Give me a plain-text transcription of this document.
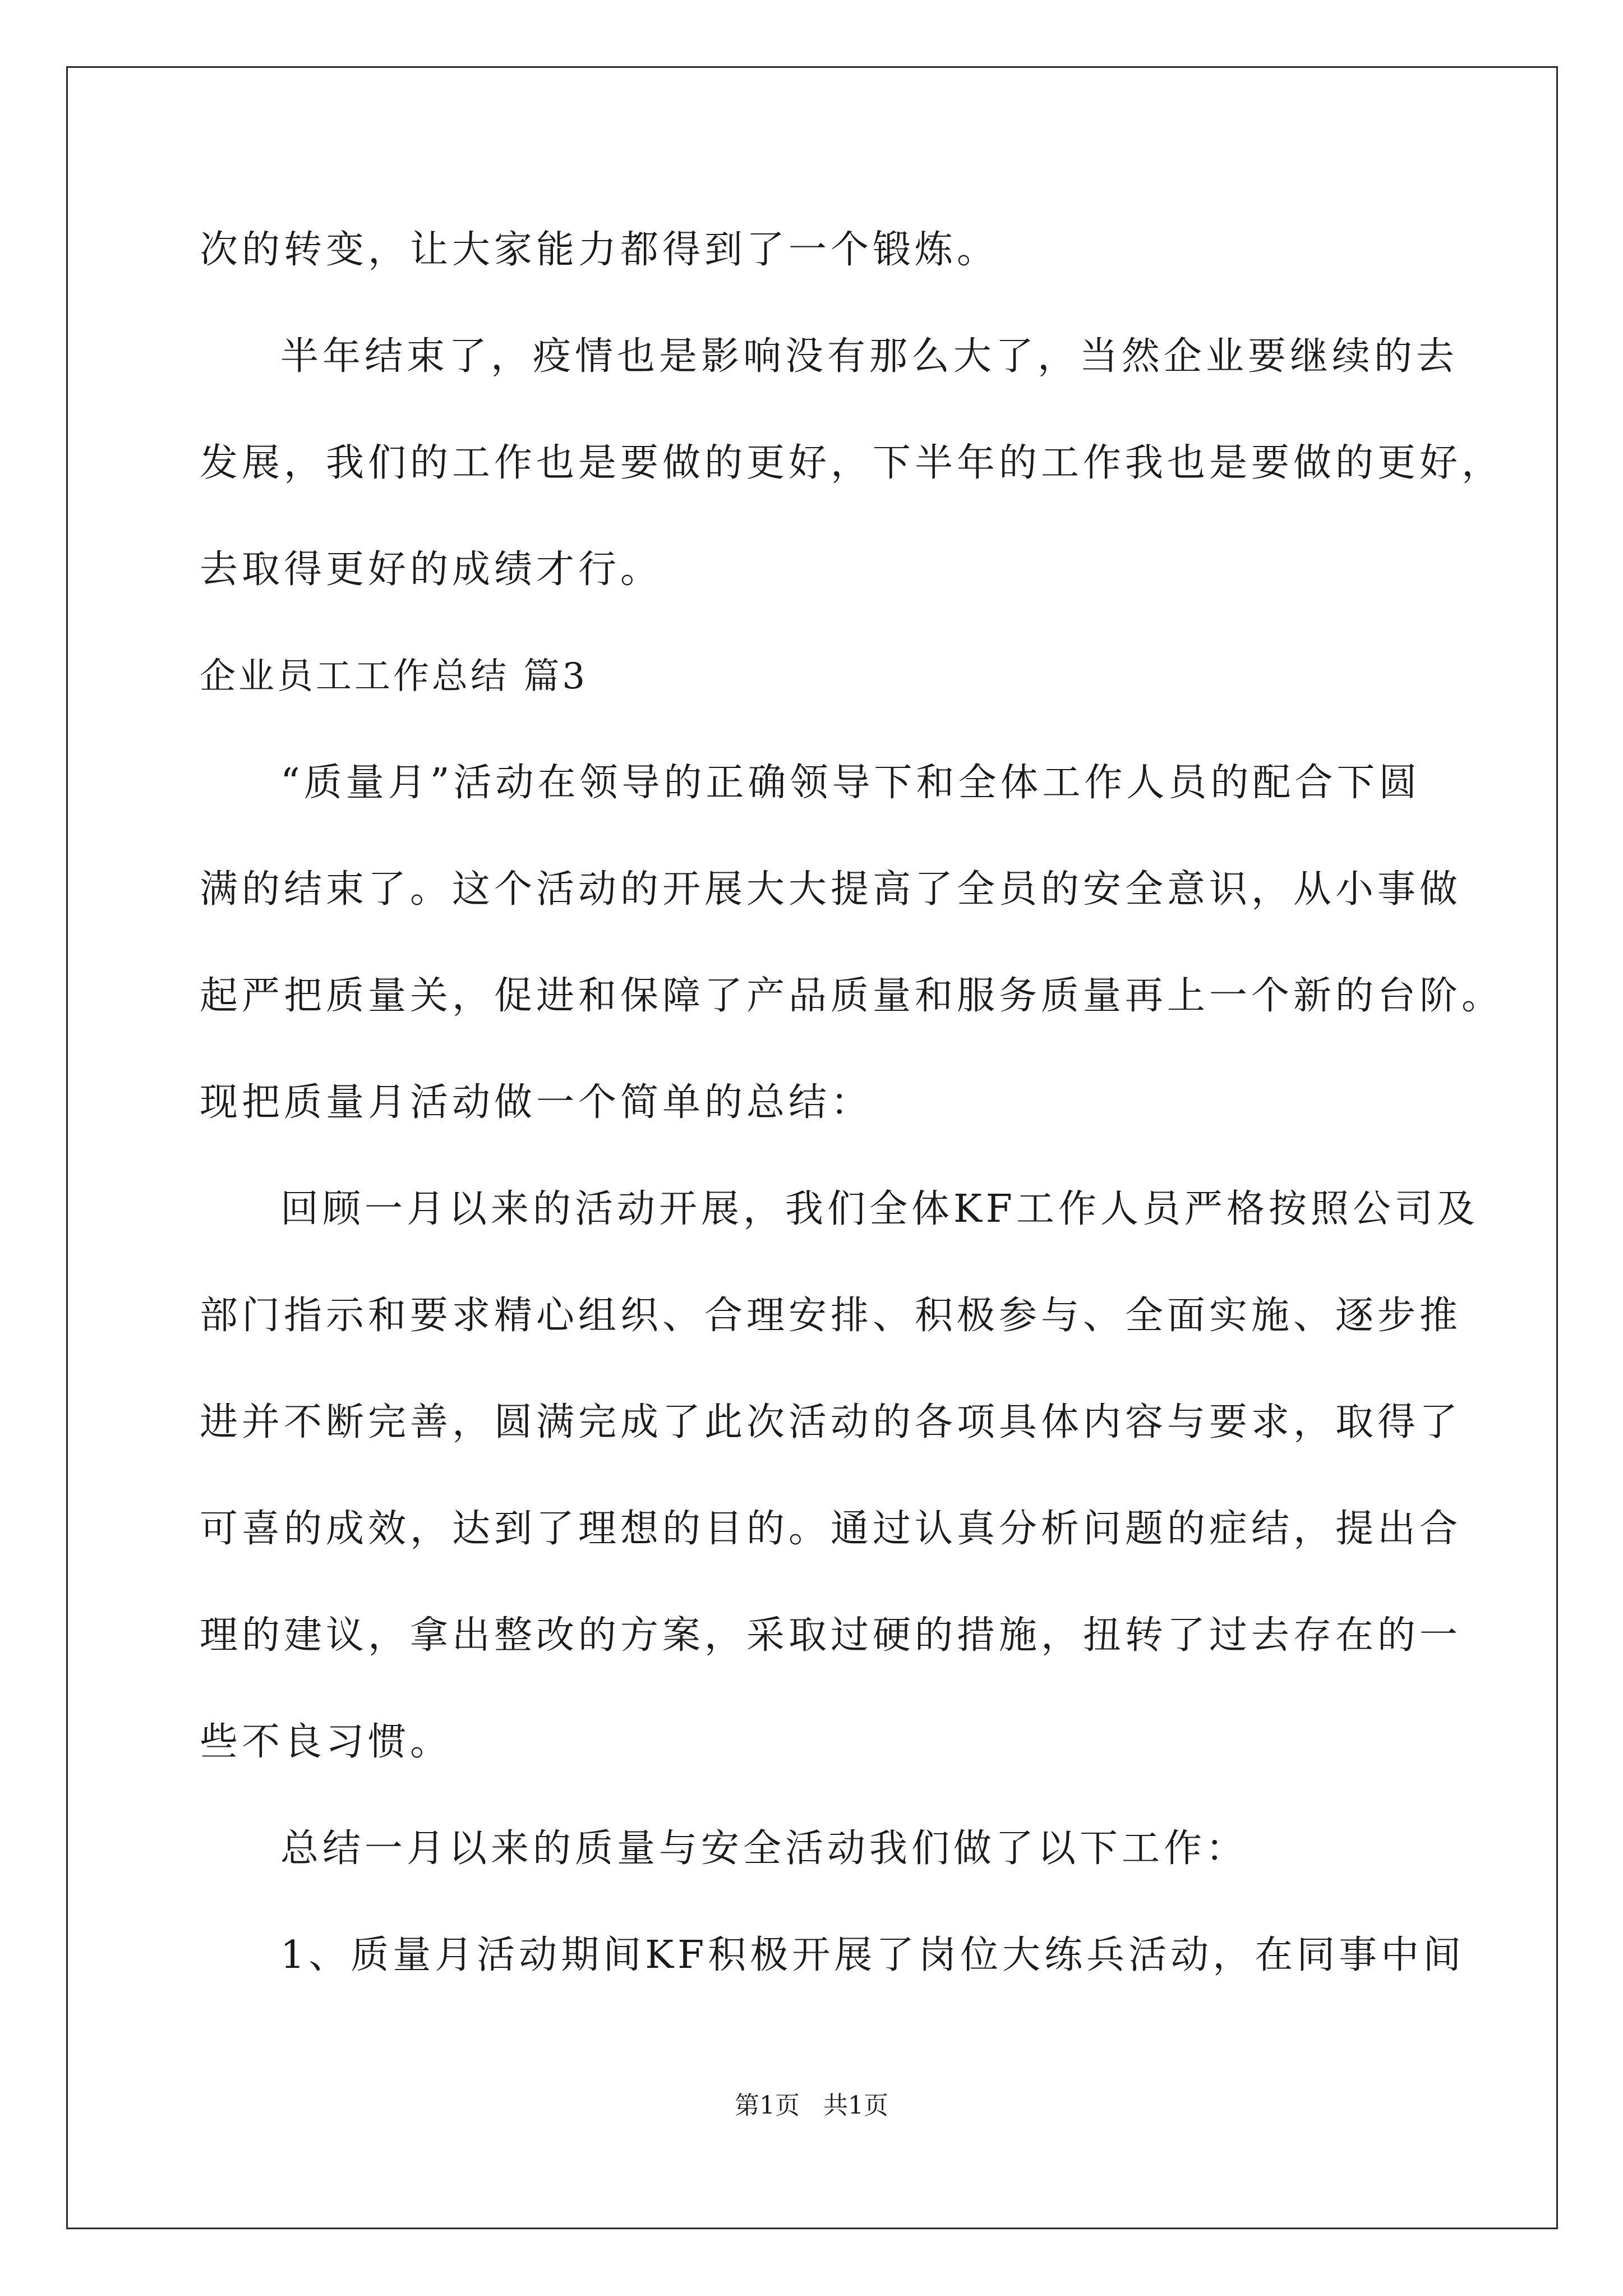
次的转变，让大家能力都得到了一个锻炼。
半年结束了，疫情也是影响没有那么大了，当然企业要继续的去
发展，我们的工作也是要做的更好，下半年的工作我也是要做的更好，
去取得更好的成绩才行。
企业员工工作总结 篇3
“质量月”活动在领导的正确领导下和全体工作人员的配合下圆
满的结束了。这个活动的开展大大提高了全员的安全意识，从小事做
起严把质量关，促进和保障了产品质量和服务质量再上一个新的台阶。
现把质量月活动做一个简单的总结：
回顾一月以来的活动开展，我们全体KF工作人员严格按照公司及
部门指示和要求精心组织、合理安排、积极参与、全面实施、逐步推
进并不断完善，圆满完成了此次活动的各项具体内容与要求，取得了
可喜的成效，达到了理想的目的。通过认真分析问题的症结，提出合
理的建议，拿出整改的方案，采取过硬的措施，扭转了过去存在的一
些不良习惯。
总结一月以来的质量与安全活动我们做了以下工作：
1、质量月活动期间KF积极开展了岗位大练兵活动，在同事中间
第1页   共1页
